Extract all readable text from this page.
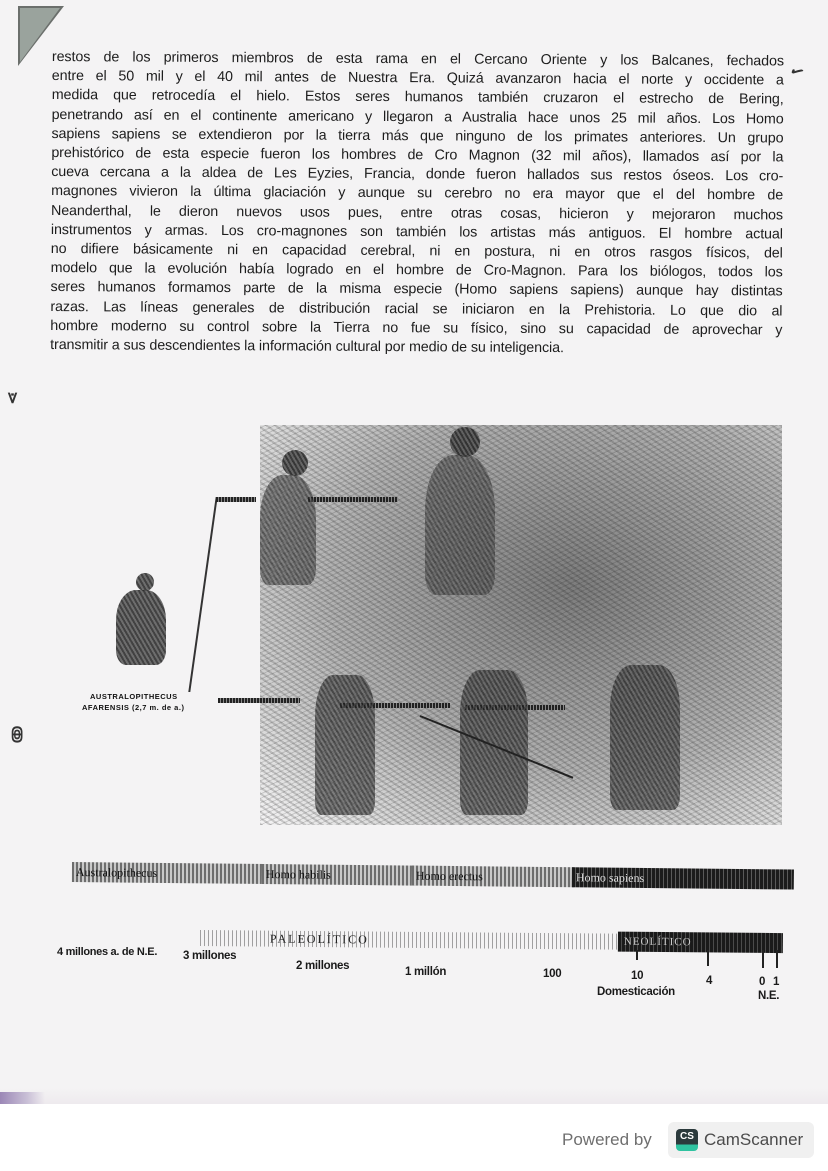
restos de los primeros miembros de esta rama en el Cercano Oriente y los Balcanes, fechados
entre el 50 mil y el 40 mil antes de Nuestra Era. Quizá avanzaron hacia el norte y occidente a
medida que retrocedía el hielo. Estos seres humanos también cruzaron el estrecho de Bering,
penetrando así en el continente americano y llegaron a Australia hace unos 25 mil años. Los Homo
sapiens sapiens se extendieron por la tierra más que ninguno de los primates anteriores. Un grupo
prehistórico de esta especie fueron los hombres de Cro Magnon (32 mil años), llamados así por la
cueva cercana a la aldea de Les Eyzies, Francia, donde fueron hallados sus restos óseos. Los cro-
magnones vivieron la última glaciación y aunque su cerebro no era mayor que el del hombre de
Neanderthal, le dieron nuevos usos pues, entre otras cosas, hicieron y mejoraron muchos
instrumentos y armas. Los cro-magnones son también los artistas más antiguos. El hombre actual
no difiere básicamente ni en capacidad cerebral, ni en postura, ni en otros rasgos físicos, del
modelo que la evolución había logrado en el hombre de Cro-Magnon. Para los biólogos, todos los
seres humanos formamos parte de la misma especie (Homo sapiens sapiens) aunque hay distintas
razas. Las líneas generales de distribución racial se iniciaron en la Prehistoria. Lo que dio al
hombre moderno su control sobre la Tierra no fue su físico, sino su capacidad de aprovechar y
transmitir a sus descendientes la información cultural por medio de su inteligencia.
✓
⋗
ↂ
AUSTRALOPITHECUS
AFARENSIS (2,7 m. de a.)
Australopithecus	Homo habilis	Homo erectus	Homo sapiens
PALEOLÍTICO	NEOLÍTICO
4 millones a. de N.E. 3 millones
2 millones	1 millón	100	10	4	0 1
Domesticación	N.E.
Powered by	CS CamScanner
